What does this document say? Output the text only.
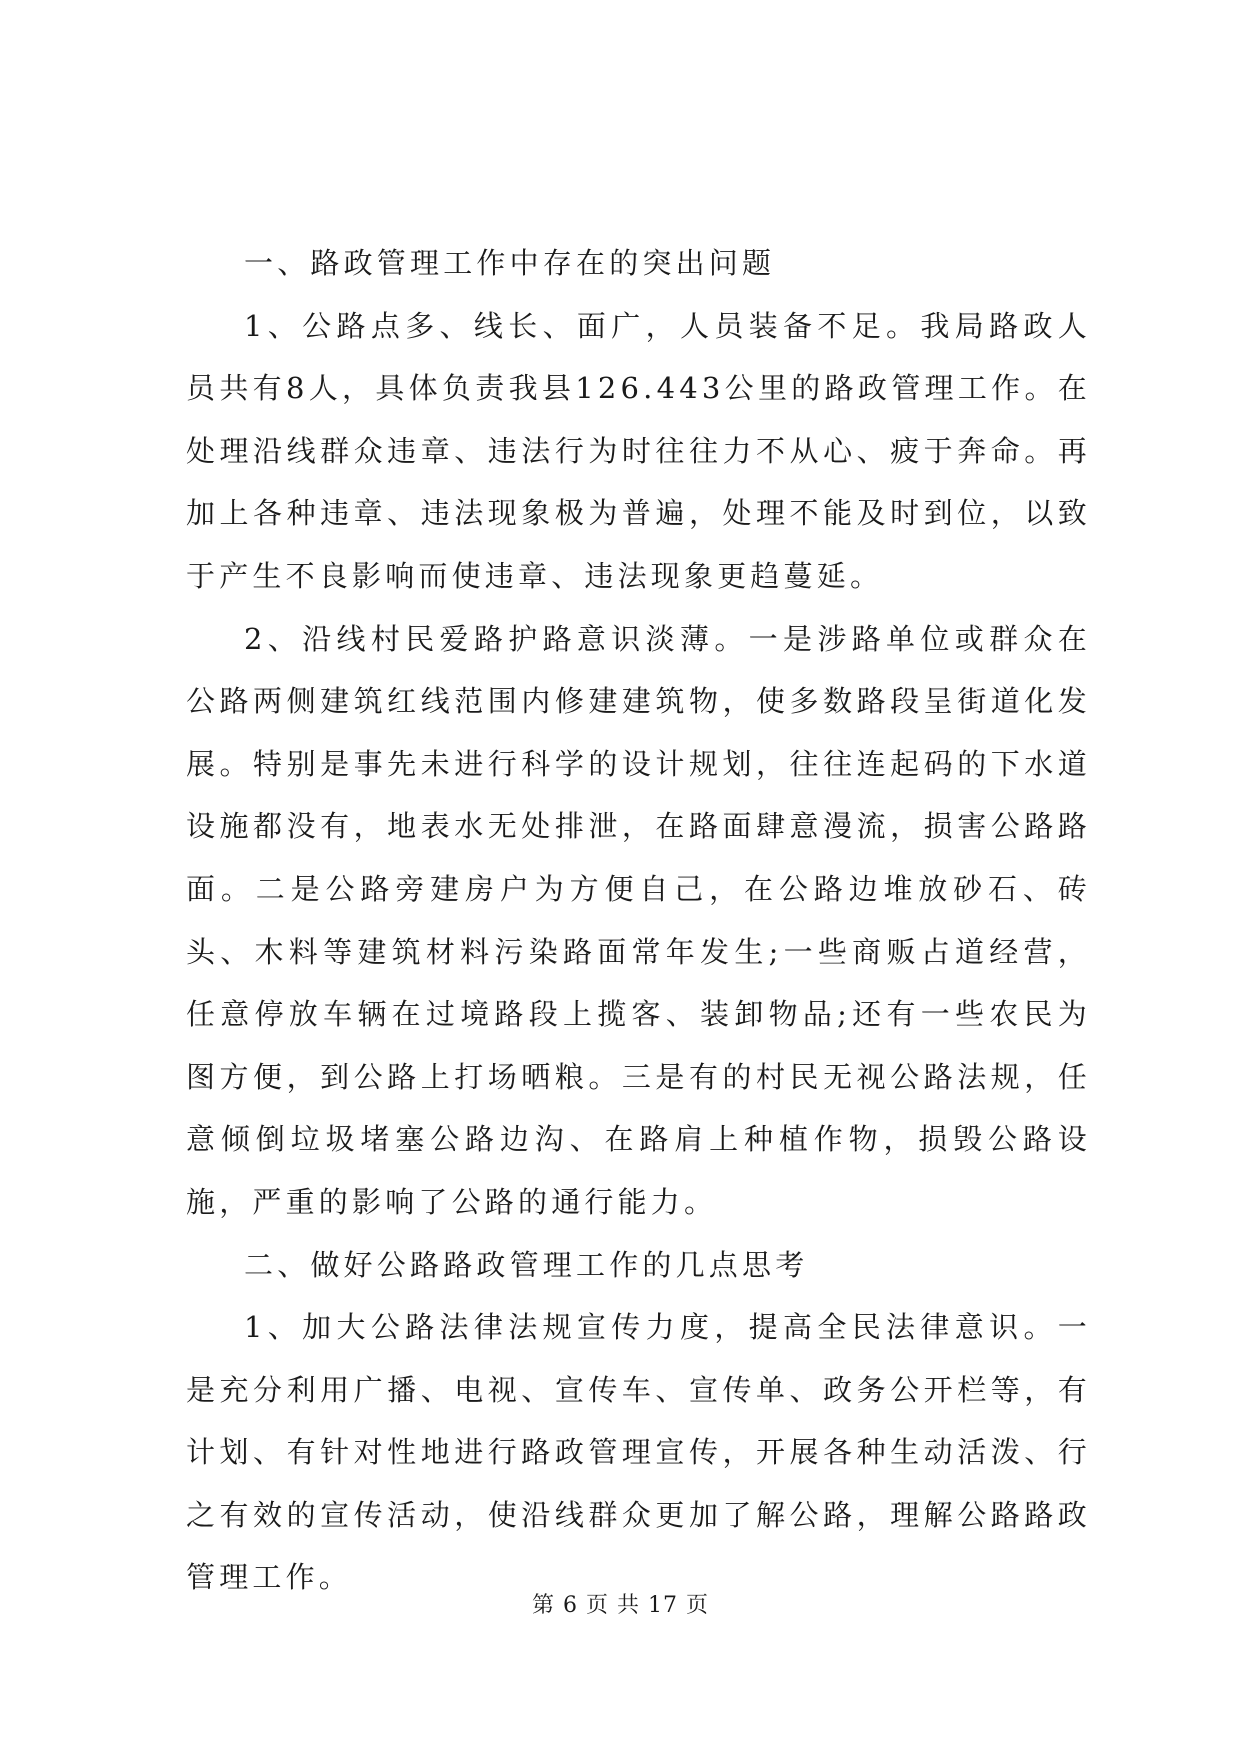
一、路政管理工作中存在的突出问题

1、公路点多、线长、面广，人员装备不足。我局路政人员共有8人，具体负责我县126.443公里的路政管理工作。在处理沿线群众违章、违法行为时往往力不从心、疲于奔命。再加上各种违章、违法现象极为普遍，处理不能及时到位，以致于产生不良影响而使违章、违法现象更趋蔓延。

2、沿线村民爱路护路意识淡薄。一是涉路单位或群众在公路两侧建筑红线范围内修建建筑物，使多数路段呈街道化发展。特别是事先未进行科学的设计规划，往往连起码的下水道设施都没有，地表水无处排泄，在路面肆意漫流，损害公路路面。二是公路旁建房户为方便自己，在公路边堆放砂石、砖头、木料等建筑材料污染路面常年发生;一些商贩占道经营，任意停放车辆在过境路段上揽客、装卸物品;还有一些农民为图方便，到公路上打场晒粮。三是有的村民无视公路法规，任意倾倒垃圾堵塞公路边沟、在路肩上种植作物，损毁公路设施，严重的影响了公路的通行能力。

二、做好公路路政管理工作的几点思考

1、加大公路法律法规宣传力度，提高全民法律意识。一是充分利用广播、电视、宣传车、宣传单、政务公开栏等，有计划、有针对性地进行路政管理宣传，开展各种生动活泼、行之有效的宣传活动，使沿线群众更加了解公路，理解公路路政管理工作。

第 6 页 共 17 页
